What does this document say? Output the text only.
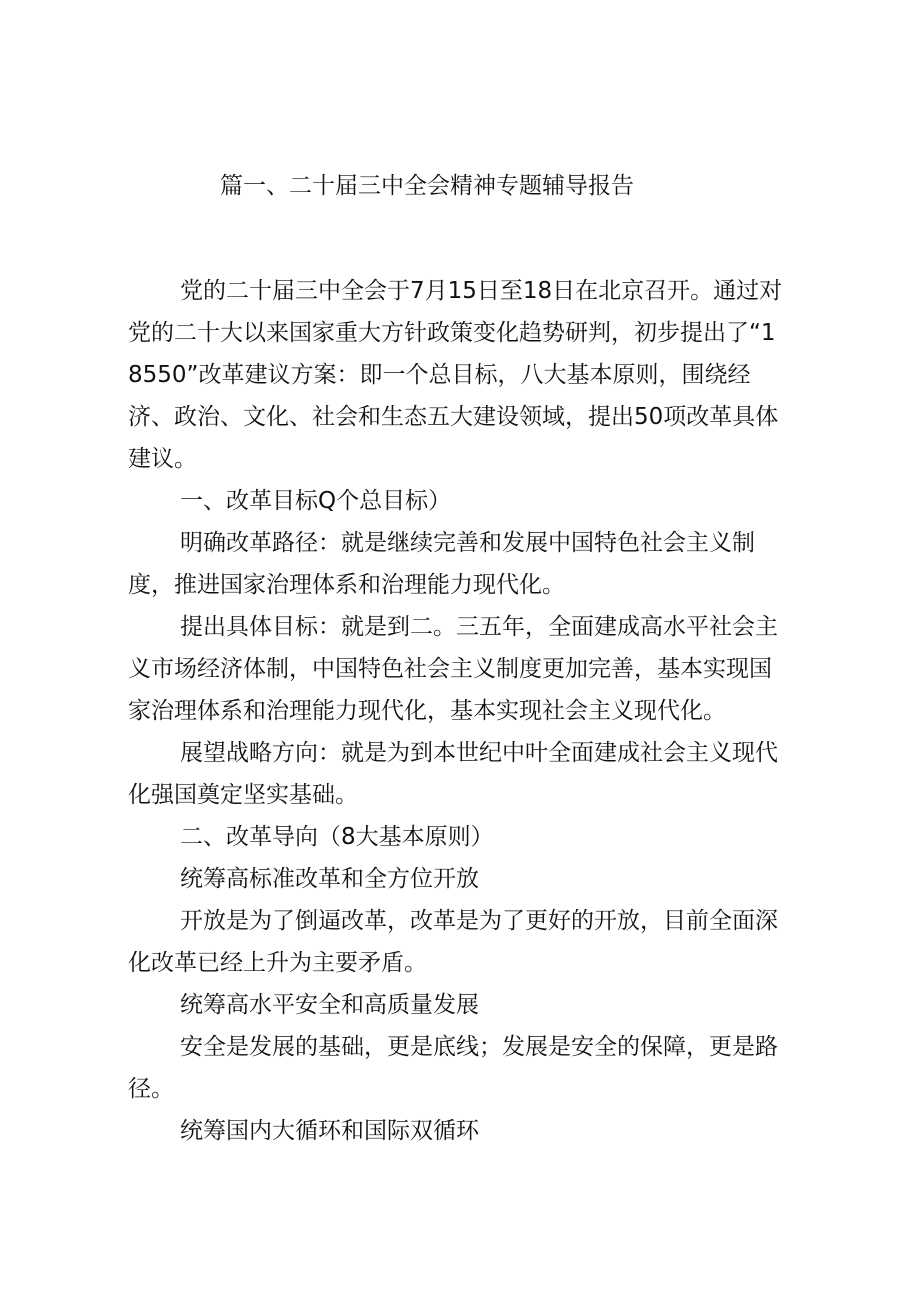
篇一、二十届三中全会精神专题辅导报告

党的二十届三中全会于7月15日至18日在北京召开。通过对党的二十大以来国家重大方针政策变化趋势研判，初步提出了“18550”改革建议方案：即一个总目标，八大基本原则，围绕经济、政治、文化、社会和生态五大建设领域，提出50项改革具体建议。

一、改革目标Q个总目标）

明确改革路径：就是继续完善和发展中国特色社会主义制度，推进国家治理体系和治理能力现代化。

提出具体目标：就是到二。三五年，全面建成高水平社会主义市场经济体制，中国特色社会主义制度更加完善，基本实现国家治理体系和治理能力现代化，基本实现社会主义现代化。

展望战略方向：就是为到本世纪中叶全面建成社会主义现代化强国奠定坚实基础。

二、改革导向（8大基本原则）

统筹高标准改革和全方位开放

开放是为了倒逼改革，改革是为了更好的开放，目前全面深化改革已经上升为主要矛盾。

统筹高水平安全和高质量发展

安全是发展的基础，更是底线；发展是安全的保障，更是路径。

统筹国内大循环和国际双循环
